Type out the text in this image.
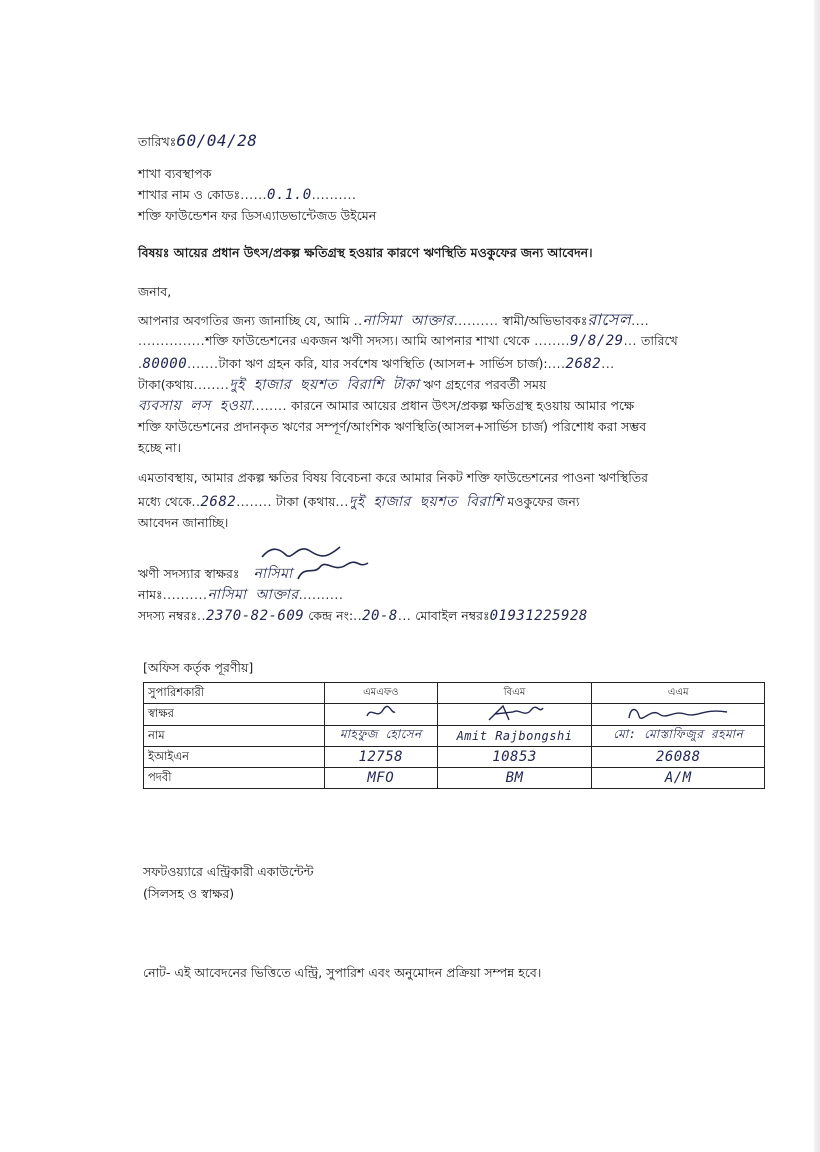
তারিখঃ60/04/28
শাখা ব্যবস্থাপক
শাখার নাম ও কোডঃ......0.1.0..........
শক্তি ফাউন্ডেশন ফর ডিসএ্যাডভান্টেজড উইমেন
বিষয়ঃ আয়ের প্রধান উৎস/প্রকল্প ক্ষতিগ্রস্থ হওয়ার কারণে ঋণস্থিতি মওকুফের জন্য আবেদন।
জনাব,
আপনার অবগতির জন্য জানাচ্ছি যে, আমি ..নাসিমা আক্তার.......... স্বামী/অভিভাবকঃরাসেল....
...............শক্তি ফাউন্ডেশনের একজন ঋণী সদস্য। আমি আপনার শাখা থেকে ........9/8/29... তারিখে
.80000.......টাকা ঋণ গ্রহন করি, যার সর্বশেষ ঋণস্থিতি (আসল+ সার্ভিস চার্জ):....2682...
টাকা(কথায়........দুই হাজার ছয়শত বিরাশি টাকা ঋণ গ্রহণের পরবর্তী সময়
ব্যবসায় লস হওয়া........ কারনে আমার আয়ের প্রধান উৎস/প্রকল্প ক্ষতিগ্রস্থ হওয়ায় আমার পক্ষে
শক্তি ফাউন্ডেশনের প্রদানকৃত ঋণের সম্পূর্ণ/আংশিক ঋণস্থিতি(আসল+সার্ভিস চার্জ) পরিশোধ করা সম্ভব
হচ্ছে না।
এমতাবস্থায়, আমার প্রকল্প ক্ষতির বিষয় বিবেচনা করে আমার নিকট শক্তি ফাউন্ডেশনের পাওনা ঋণস্থিতির
মধ্যে থেকে..2682........ টাকা (কথায়...দুই হাজার ছয়শত বিরাশি মওকুফের জন্য
আবেদন জানাচ্ছি।
ঋণী সদস্যার স্বাক্ষরঃ নাসিমা
নামঃ..........নাসিমা আক্তার..........
সদস্য নম্বরঃ..2370-82-609 কেন্দ্র নং:..20-8... মোবাইল নম্বরঃ01931225928
[অফিস কর্তৃক পূরণীয়]
সুপারিশকারী	এমএফও	বিএম	এএম
স্বাক্ষর			
নাম	মাহফুজ হোসেন	Amit Rajbongshi	মো: মোস্তাফিজুর রহমান
ইআইএন	12758	10853	26088
পদবী	MFO	BM	A/M
সফটওয়্যারে এন্ট্রিকারী একাউন্টেন্ট
(সিলসহ ও স্বাক্ষর)
নোট- এই আবেদনের ভিত্তিতে এন্ট্রি, সুপারিশ এবং অনুমোদন প্রক্রিয়া সম্পন্ন হবে।
